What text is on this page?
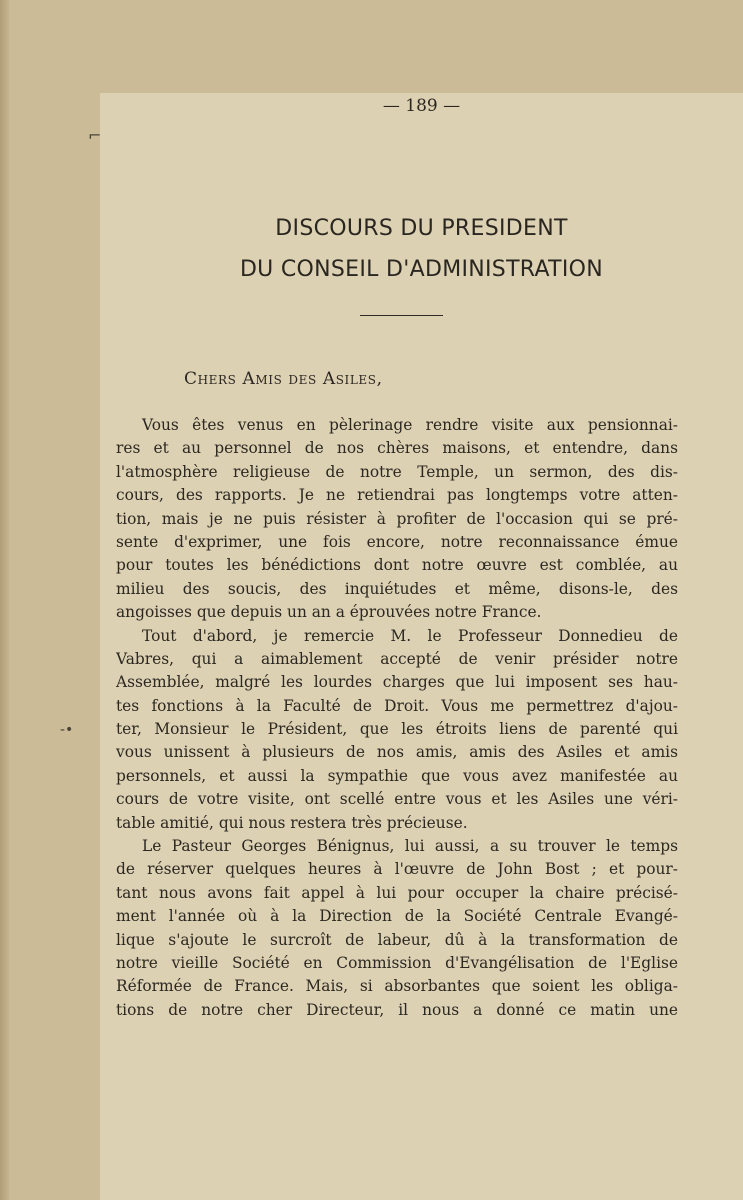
⌐
-•

— 189 —

DISCOURS DU PRESIDENT
DU CONSEIL D'ADMINISTRATION

Chers Amis des Asiles,

Vous êtes venus en pèlerinage rendre visite aux pensionnai-
res et au personnel de nos chères maisons, et entendre, dans
l'atmosphère religieuse de notre Temple, un sermon, des dis-
cours, des rapports. Je ne retiendrai pas longtemps votre atten-
tion, mais je ne puis résister à profiter de l'occasion qui se pré-
sente d'exprimer, une fois encore, notre reconnaissance émue
pour toutes les bénédictions dont notre œuvre est comblée, au
milieu des soucis, des inquiétudes et même, disons-le, des
angoisses que depuis un an a éprouvées notre France.
Tout d'abord, je remercie M. le Professeur Donnedieu de
Vabres, qui a aimablement accepté de venir présider notre
Assemblée, malgré les lourdes charges que lui imposent ses hau-
tes fonctions à la Faculté de Droit. Vous me permettrez d'ajou-
ter, Monsieur le Président, que les étroits liens de parenté qui
vous unissent à plusieurs de nos amis, amis des Asiles et amis
personnels, et aussi la sympathie que vous avez manifestée au
cours de votre visite, ont scellé entre vous et les Asiles une véri-
table amitié, qui nous restera très précieuse.
Le Pasteur Georges Bénignus, lui aussi, a su trouver le temps
de réserver quelques heures à l'œuvre de John Bost ; et pour-
tant nous avons fait appel à lui pour occuper la chaire précisé-
ment l'année où à la Direction de la Société Centrale Evangé-
lique s'ajoute le surcroît de labeur, dû à la transformation de
notre vieille Société en Commission d'Evangélisation de l'Eglise
Réformée de France. Mais, si absorbantes que soient les obliga-
tions de notre cher Directeur, il nous a donné ce matin une
